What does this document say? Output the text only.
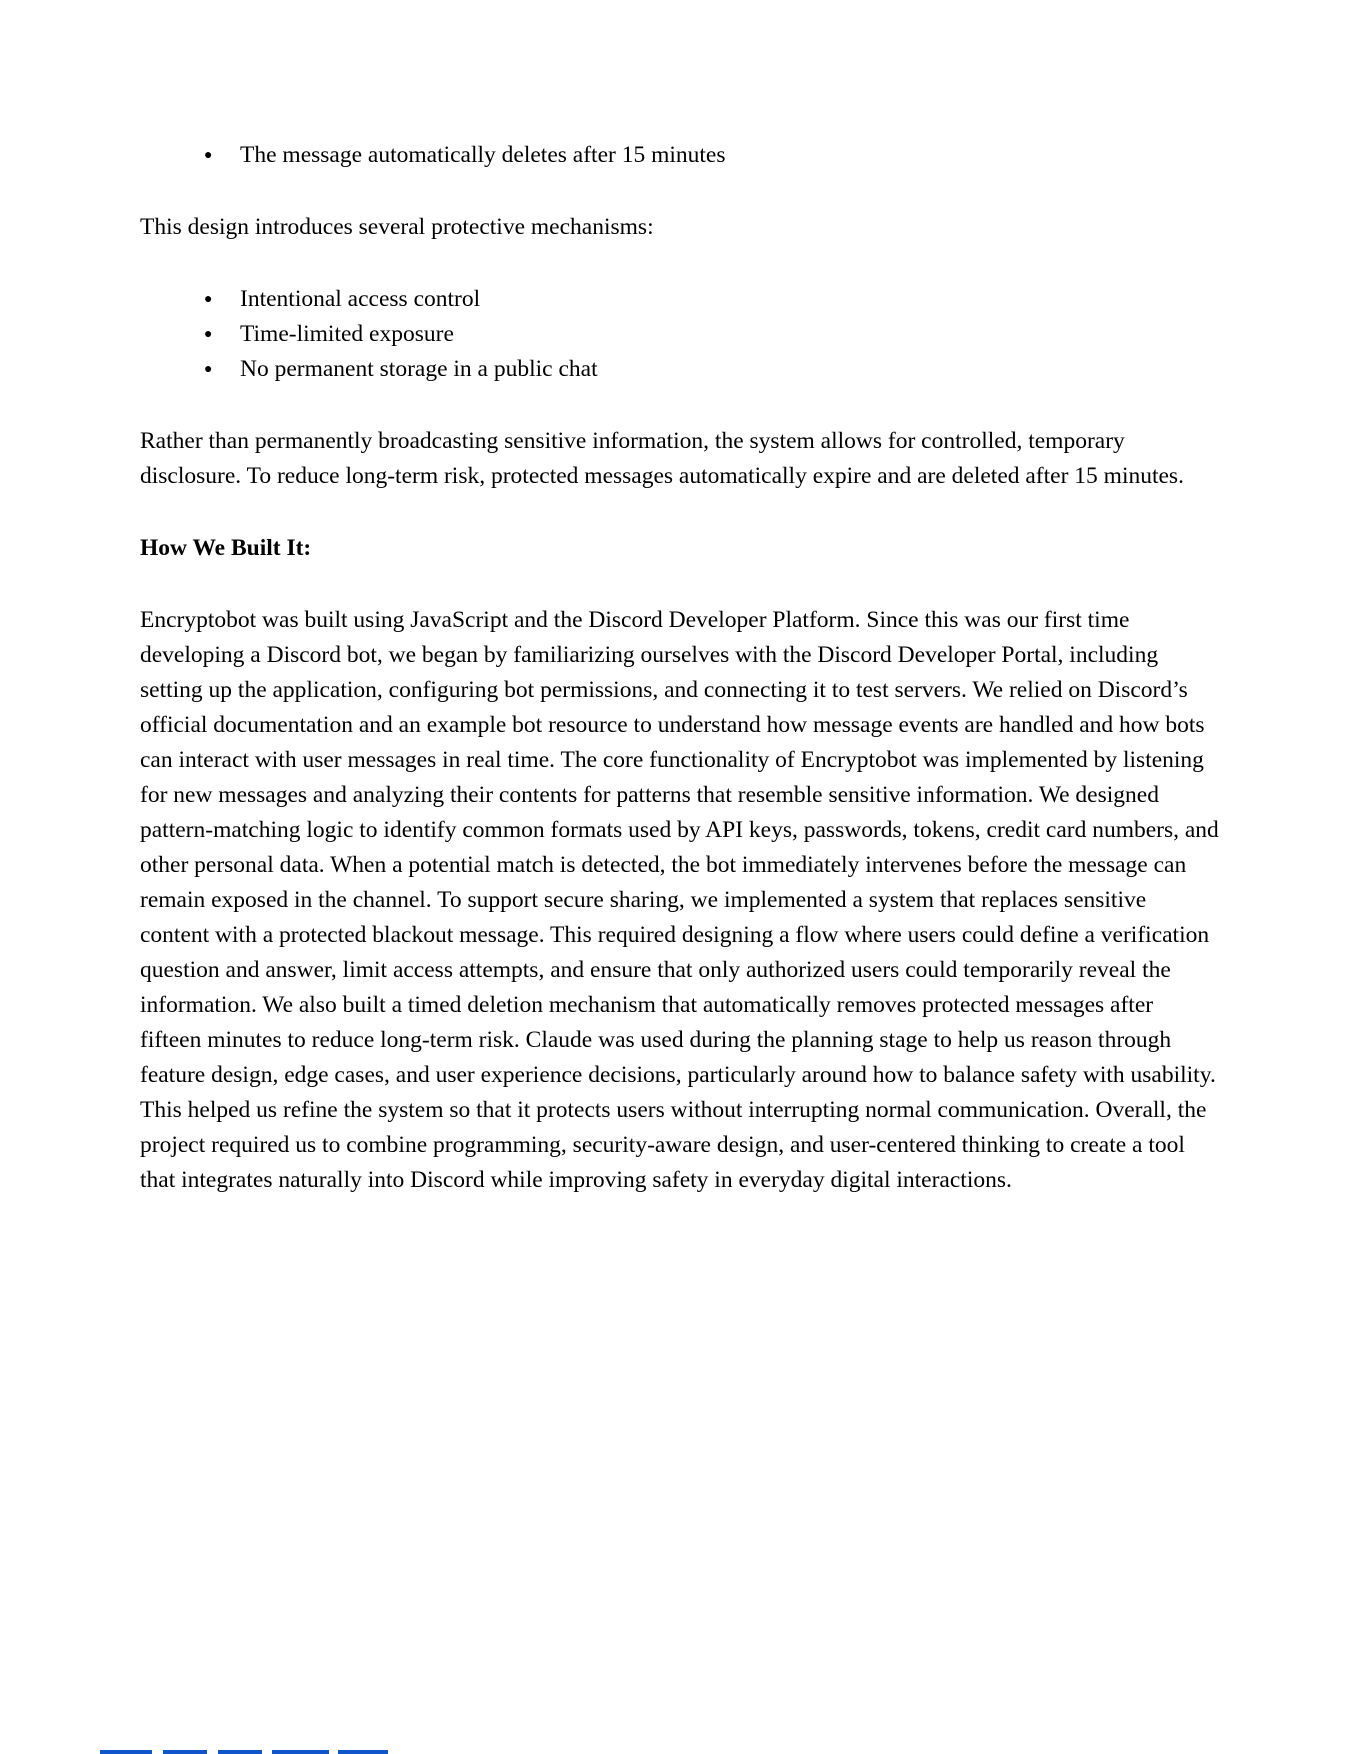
● The message automatically deletes after 15 minutes
This design introduces several protective mechanisms:
● Intentional access control
● Time-limited exposure
● No permanent storage in a public chat
Rather than permanently broadcasting sensitive information, the system allows for controlled, temporary disclosure. To reduce long-term risk, protected messages automatically expire and are deleted after 15 minutes.
How We Built It:
Encryptobot was built using JavaScript and the Discord Developer Platform. Since this was our first time developing a Discord bot, we began by familiarizing ourselves with the Discord Developer Portal, including setting up the application, configuring bot permissions, and connecting it to test servers. We relied on Discord’s official documentation and an example bot resource to understand how message events are handled and how bots can interact with user messages in real time. The core functionality of Encryptobot was implemented by listening for new messages and analyzing their contents for patterns that resemble sensitive information. We designed pattern-matching logic to identify common formats used by API keys, passwords, tokens, credit card numbers, and other personal data. When a potential match is detected, the bot immediately intervenes before the message can remain exposed in the channel. To support secure sharing, we implemented a system that replaces sensitive content with a protected blackout message. This required designing a flow where users could define a verification question and answer, limit access attempts, and ensure that only authorized users could temporarily reveal the information. We also built a timed deletion mechanism that automatically removes protected messages after fifteen minutes to reduce long-term risk. Claude was used during the planning stage to help us reason through feature design, edge cases, and user experience decisions, particularly around how to balance safety with usability. This helped us refine the system so that it protects users without interrupting normal communication. Overall, the project required us to combine programming, security-aware design, and user-centered thinking to create a tool that integrates naturally into Discord while improving safety in everyday digital interactions.
